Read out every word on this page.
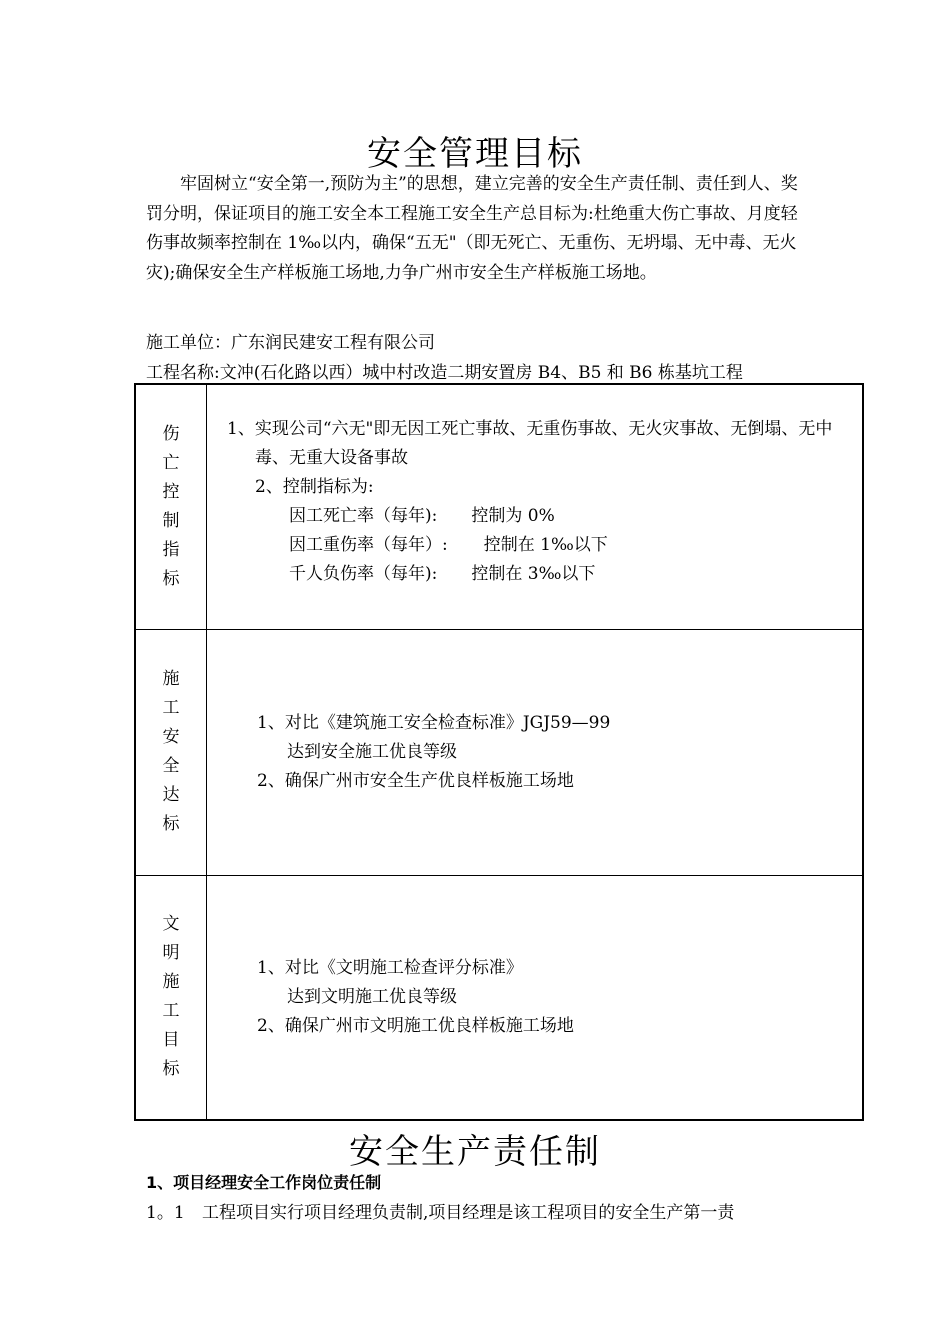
安全管理目标

牢固树立“安全第一,预防为主”的思想，建立完善的安全生产责任制、责任到人、奖罚分明，保证项目的施工安全本工程施工安全生产总目标为:杜绝重大伤亡事故、月度轻伤事故频率控制在 1‰以内，确保“五无"（即无死亡、无重伤、无坍塌、无中毒、无火灾);确保安全生产样板施工场地,力争广州市安全生产样板施工场地。

施工单位：广东润民建安工程有限公司

工程名称:文冲(石化路以西）城中村改造二期安置房 B4、B5 和 B6 栋基坑工程

伤亡控制指标	1、实现公司“六无"即无因工死亡事故、无重伤事故、无火灾事故、无倒塌、无中毒、无重大设备事故
2、控制指标为:
因工死亡率（每年): 控制为 0%
因工重伤率（每年）: 控制在 1‰以下
千人负伤率（每年): 控制在 3‰以下

施工安全达标	1、对比《建筑施工安全检查标准》JGJ59—99
达到安全施工优良等级
2、确保广州市安全生产优良样板施工场地

文明施工目标	1、对比《文明施工检查评分标准》
达到文明施工优良等级
2、确保广州市文明施工优良样板施工场地
安全生产责任制

1、项目经理安全工作岗位责任制

1。1 工程项目实行项目经理负责制,项目经理是该工程项目的安全生产第一责
